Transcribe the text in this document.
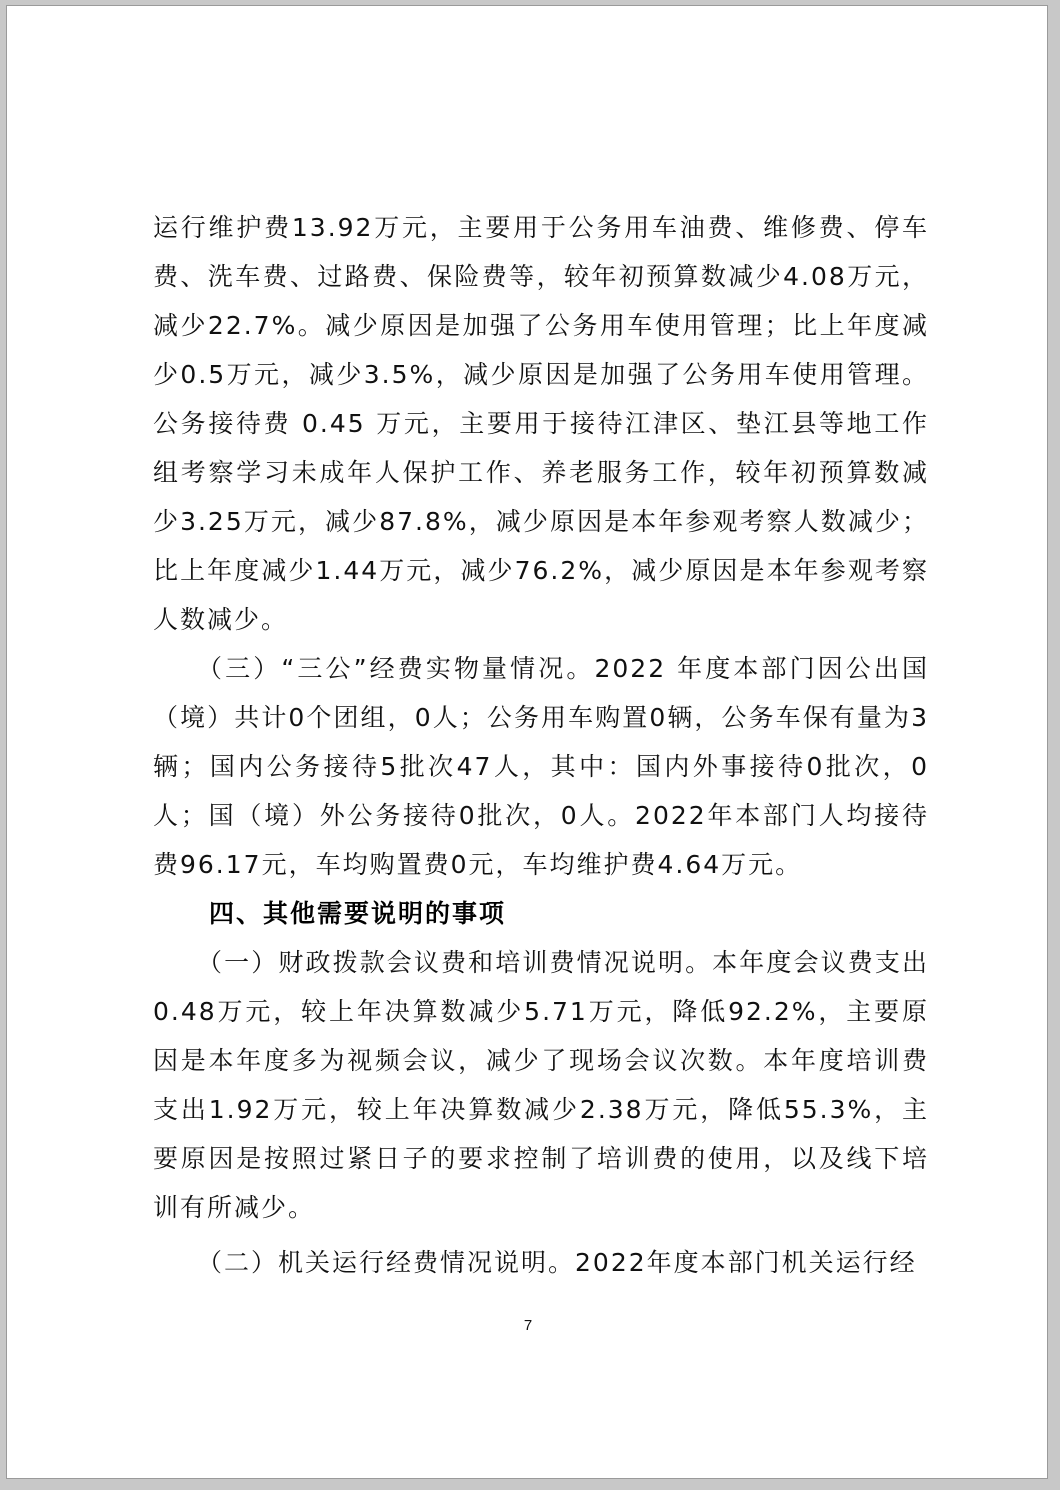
运行维护费13.92万元，主要用于公务用车油费、维修费、停车费、洗车费、过路费、保险费等，较年初预算数减少4.08万元，减少22.7%。减少原因是加强了公务用车使用管理；比上年度减少0.5万元，减少3.5%，减少原因是加强了公务用车使用管理。公务接待费 0.45 万元，主要用于接待江津区、垫江县等地工作组考察学习未成年人保护工作、养老服务工作，较年初预算数减少3.25万元，减少87.8%，减少原因是本年参观考察人数减少；比上年度减少1.44万元，减少76.2%，减少原因是本年参观考察人数减少。

（三）“三公”经费实物量情况。2022 年度本部门因公出国（境）共计0个团组，0人；公务用车购置0辆，公务车保有量为3辆；国内公务接待5批次47人，其中：国内外事接待0批次，0人；国（境）外公务接待0批次，0人。2022年本部门人均接待费96.17元，车均购置费0元，车均维护费4.64万元。

四、其他需要说明的事项

（一）财政拨款会议费和培训费情况说明。本年度会议费支出0.48万元，较上年决算数减少5.71万元，降低92.2%，主要原因是本年度多为视频会议，减少了现场会议次数。本年度培训费支出1.92万元，较上年决算数减少2.38万元，降低55.3%，主要原因是按照过紧日子的要求控制了培训费的使用，以及线下培训有所减少。

（二）机关运行经费情况说明。2022年度本部门机关运行经

7
